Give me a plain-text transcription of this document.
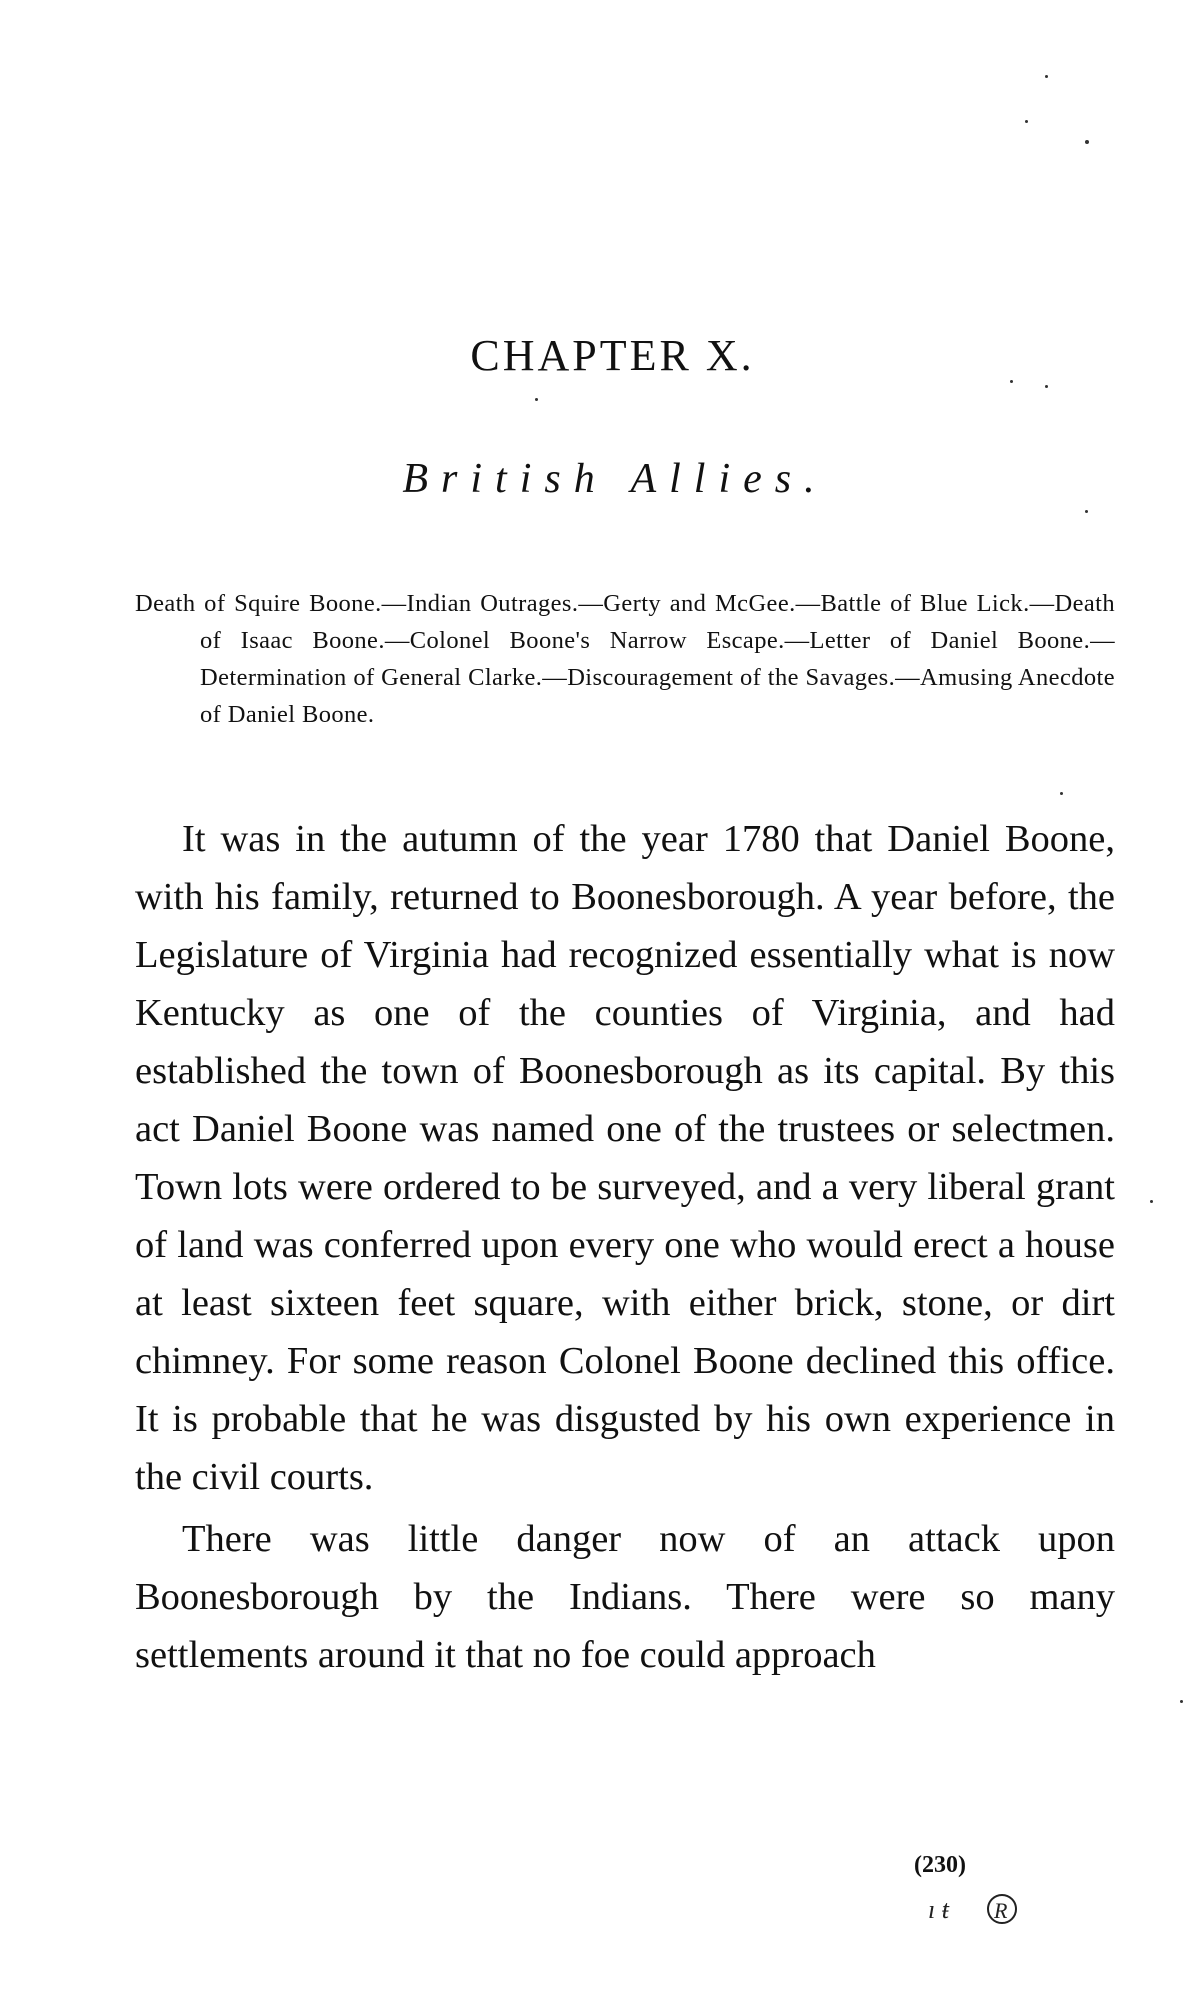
CHAPTER X.
British Allies.
Death of Squire Boone.—Indian Outrages.—Gerty and McGee.—Battle of Blue Lick.—Death of Isaac Boone.—Colonel Boone's Narrow Escape.—Letter of Daniel Boone.—Determination of General Clarke.—Discouragement of the Savages.—Amusing Anecdote of Daniel Boone.

It was in the autumn of the year 1780 that Daniel Boone, with his family, returned to Boonesborough. A year before, the Legislature of Virginia had recognized essentially what is now Kentucky as one of the counties of Virginia, and had established the town of Boonesborough as its capital. By this act Daniel Boone was named one of the trustees or selectmen. Town lots were ordered to be surveyed, and a very liberal grant of land was conferred upon every one who would erect a house at least sixteen feet square, with either brick, stone, or dirt chimney. For some reason Colonel Boone declined this office. It is probable that he was disgusted by his own experience in the civil courts.

There was little danger now of an attack upon Boonesborough by the Indians. There were so many settlements around it that no foe could approach

(230)
ı ŧ R
